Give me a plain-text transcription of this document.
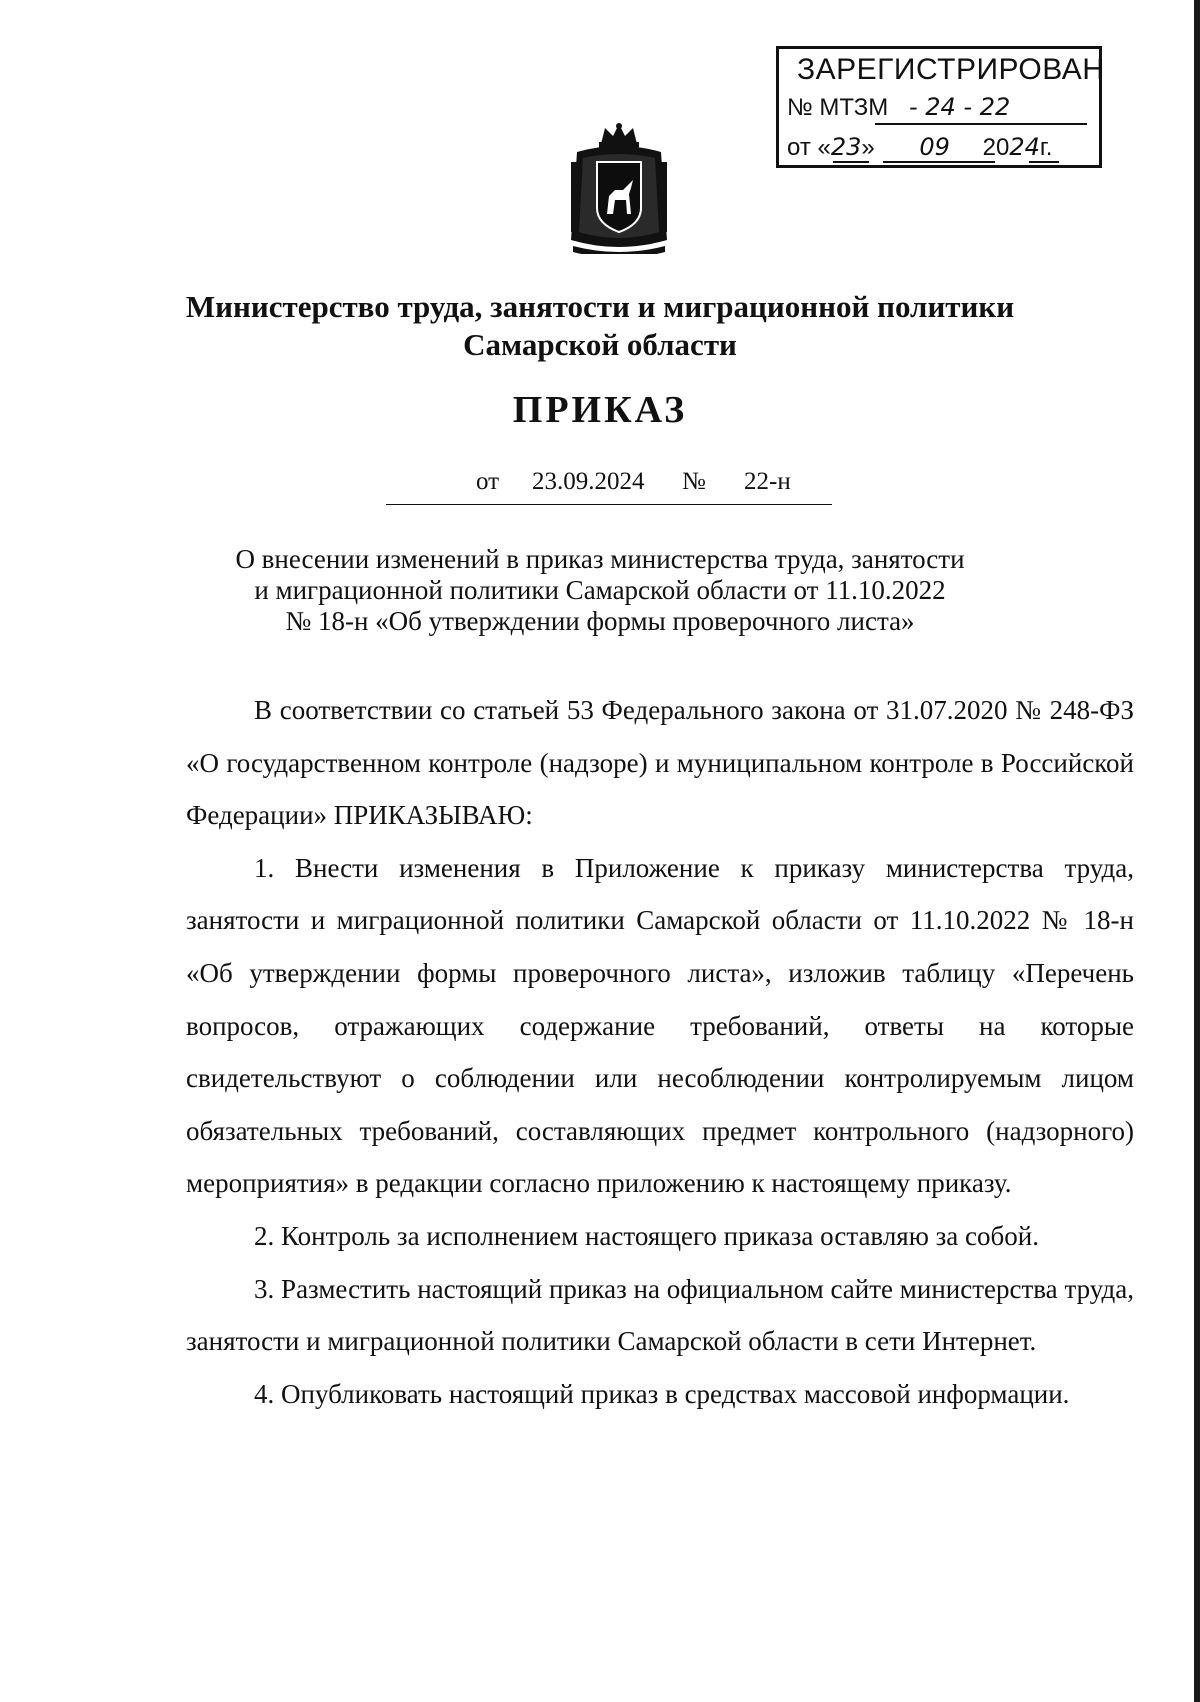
ЗАРЕГИСТРИРОВАН
№ МТЗМ - 24 - 22
от «23» 09 2024г.
Министерство труда, занятости и миграционной политики
Самарской области
ПРИКАЗ
от 23.09.2024 № 22-н
О внесении изменений в приказ министерства труда, занятости
и миграционной политики Самарской области от 11.10.2022
№ 18-н «Об утверждении формы проверочного листа»

В соответствии со статьей 53 Федерального закона от 31.07.2020 № 248-ФЗ «О государственном контроле (надзоре) и муниципальном контроле в Российской Федерации» ПРИКАЗЫВАЮ:

1. Внести изменения в Приложение к приказу министерства труда, занятости и миграционной политики Самарской области от 11.10.2022 № 18-н «Об утверждении формы проверочного листа», изложив таблицу «Перечень вопросов, отражающих содержание требований, ответы на которые свидетельствуют о соблюдении или несоблюдении контролируемым лицом обязательных требований, составляющих предмет контрольного (надзорного) мероприятия» в редакции согласно приложению к настоящему приказу.

2. Контроль за исполнением настоящего приказа оставляю за собой.

3. Разместить настоящий приказ на официальном сайте министерства труда, занятости и миграционной политики Самарской области в сети Интернет.

4. Опубликовать настоящий приказ в средствах массовой информации.
